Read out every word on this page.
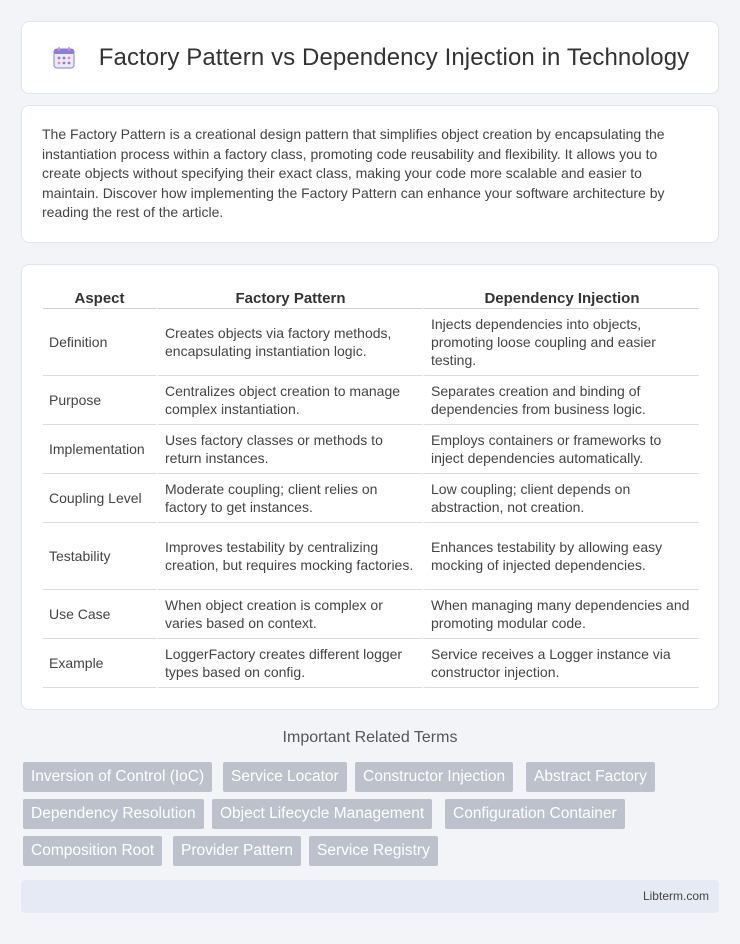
Factory Pattern vs Dependency Injection in Technology

The Factory Pattern is a creational design pattern that simplifies object creation by encapsulating the instantiation process within a factory class, promoting code reusability and flexibility. It allows you to create objects without specifying their exact class, making your code more scalable and easier to maintain. Discover how implementing the Factory Pattern can enhance your software architecture by reading the rest of the article.

Aspect	Factory Pattern	Dependency Injection
Definition	Creates objects via factory methods, encapsulating instantiation logic.	Injects dependencies into objects, promoting loose coupling and easier testing.
Purpose	Centralizes object creation to manage complex instantiation.	Separates creation and binding of dependencies from business logic.
Implementation	Uses factory classes or methods to return instances.	Employs containers or frameworks to inject dependencies automatically.
Coupling Level	Moderate coupling; client relies on factory to get instances.	Low coupling; client depends on abstraction, not creation.
Testability	Improves testability by centralizing creation, but requires mocking factories.	Enhances testability by allowing easy mocking of injected dependencies.
Use Case	When object creation is complex or varies based on context.	When managing many dependencies and promoting modular code.
Example	LoggerFactory creates different logger types based on config.	Service receives a Logger instance via constructor injection.
Important Related Terms
Inversion of Control (IoC)	Service Locator	Constructor Injection	Abstract Factory
Dependency Resolution	Object Lifecycle Management	Configuration Container
Composition Root	Provider Pattern	Service Registry
Libterm.com
